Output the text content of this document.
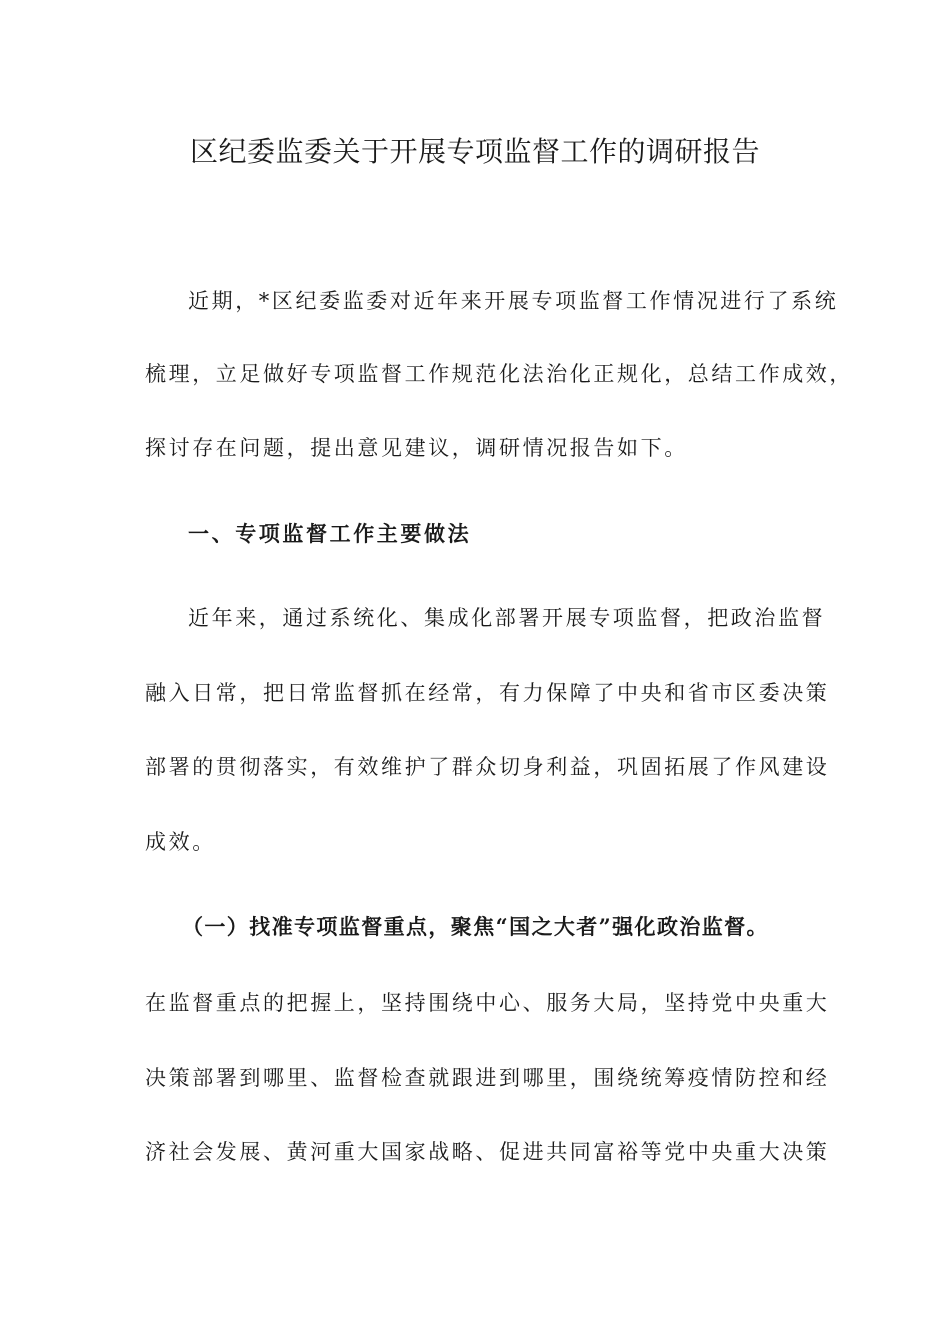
区纪委监委关于开展专项监督工作的调研报告
近期，*区纪委监委对近年来开展专项监督工作情况进行了系统
梳理，立足做好专项监督工作规范化法治化正规化，总结工作成效，
探讨存在问题，提出意见建议，调研情况报告如下。
一、专项监督工作主要做法
近年来，通过系统化、集成化部署开展专项监督，把政治监督
融入日常，把日常监督抓在经常，有力保障了中央和省市区委决策
部署的贯彻落实，有效维护了群众切身利益，巩固拓展了作风建设
成效。
（一）找准专项监督重点，聚焦“国之大者”强化政治监督。
在监督重点的把握上，坚持围绕中心、服务大局，坚持党中央重大
决策部署到哪里、监督检查就跟进到哪里，围绕统筹疫情防控和经
济社会发展、黄河重大国家战略、促进共同富裕等党中央重大决策
